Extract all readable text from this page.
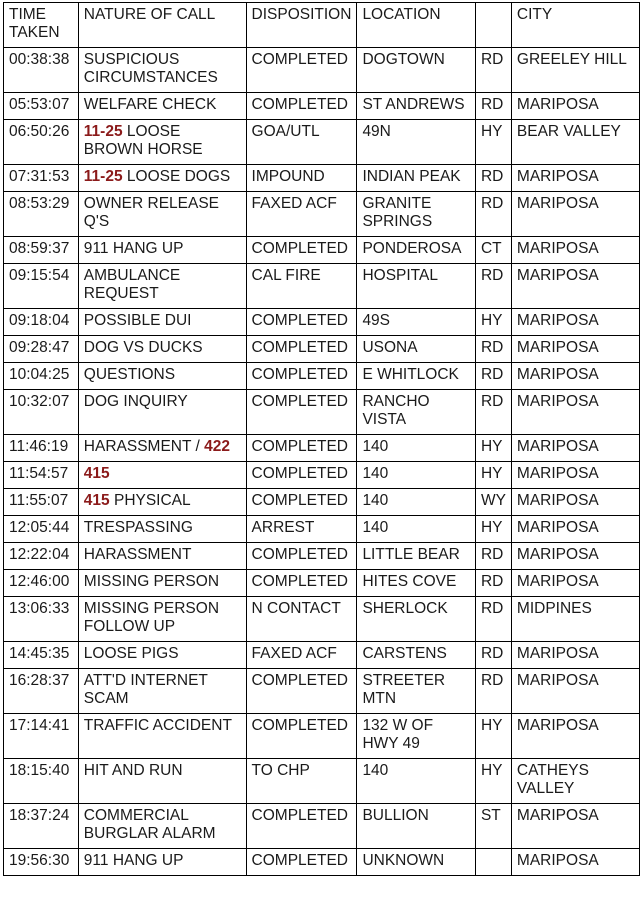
TIME TAKEN	NATURE OF CALL	DISPOSITION	LOCATION		CITY
00:38:38	SUSPICIOUS CIRCUMSTANCES	COMPLETED	DOGTOWN	RD	GREELEY HILL
05:53:07	WELFARE CHECK	COMPLETED	ST ANDREWS	RD	MARIPOSA
06:50:26	11-25 LOOSE BROWN HORSE	GOA/UTL	49N	HY	BEAR VALLEY
07:31:53	11-25 LOOSE DOGS	IMPOUND	INDIAN PEAK	RD	MARIPOSA
08:53:29	OWNER RELEASE Q'S	FAXED ACF	GRANITE SPRINGS	RD	MARIPOSA
08:59:37	911 HANG UP	COMPLETED	PONDEROSA	CT	MARIPOSA
09:15:54	AMBULANCE REQUEST	CAL FIRE	HOSPITAL	RD	MARIPOSA
09:18:04	POSSIBLE DUI	COMPLETED	49S	HY	MARIPOSA
09:28:47	DOG VS DUCKS	COMPLETED	USONA	RD	MARIPOSA
10:04:25	QUESTIONS	COMPLETED	E WHITLOCK	RD	MARIPOSA
10:32:07	DOG INQUIRY	COMPLETED	RANCHO VISTA	RD	MARIPOSA
11:46:19	HARASSMENT / 422	COMPLETED	140	HY	MARIPOSA
11:54:57	415	COMPLETED	140	HY	MARIPOSA
11:55:07	415 PHYSICAL	COMPLETED	140	WY	MARIPOSA
12:05:44	TRESPASSING	ARREST	140	HY	MARIPOSA
12:22:04	HARASSMENT	COMPLETED	LITTLE BEAR	RD	MARIPOSA
12:46:00	MISSING PERSON	COMPLETED	HITES COVE	RD	MARIPOSA
13:06:33	MISSING PERSON FOLLOW UP	N CONTACT	SHERLOCK	RD	MIDPINES
14:45:35	LOOSE PIGS	FAXED ACF	CARSTENS	RD	MARIPOSA
16:28:37	ATT'D INTERNET SCAM	COMPLETED	STREETER MTN	RD	MARIPOSA
17:14:41	TRAFFIC ACCIDENT	COMPLETED	132 W OF HWY 49	HY	MARIPOSA
18:15:40	HIT AND RUN	TO CHP	140	HY	CATHEYS VALLEY
18:37:24	COMMERCIAL BURGLAR ALARM	COMPLETED	BULLION	ST	MARIPOSA
19:56:30	911 HANG UP	COMPLETED	UNKNOWN		MARIPOSA
